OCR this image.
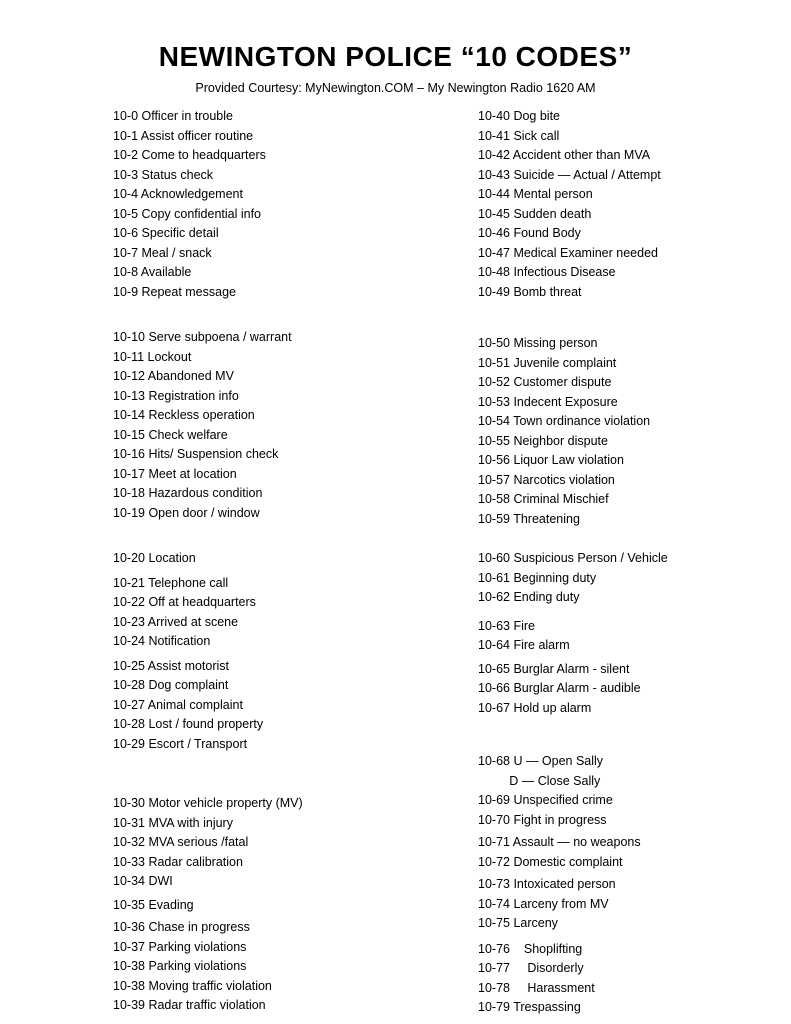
NEWINGTON POLICE “10 CODES”
Provided Courtesy: MyNewington.COM – My Newington Radio 1620 AM
10-0 Officer in trouble
10-1 Assist officer routine
10-2 Come to headquarters
10-3 Status check
10-4 Acknowledgement
10-5 Copy confidential info
10-6 Specific detail
10-7 Meal / snack
10-8 Available
10-9 Repeat message
10-10 Serve subpoena / warrant
10-11 Lockout
10-12 Abandoned MV
10-13 Registration info
10-14 Reckless operation
10-15 Check welfare
10-16 Hits/ Suspension check
10-17 Meet at location
10-18 Hazardous condition
10-19 Open door / window
10-20 Location
10-21 Telephone call
10-22 Off at headquarters
10-23 Arrived at scene
10-24 Notification
10-25 Assist motorist
10-28 Dog complaint
10-27 Animal complaint
10-28 Lost / found property
10-29 Escort / Transport
10-30 Motor vehicle property (MV)
10-31 MVA with injury
10-32 MVA serious /fatal
10-33 Radar calibration
10-34 DWI
10-35 Evading
10-36 Chase in progress
10-37 Parking violations
10-38 Parking violations
10-38 Moving traffic violation
10-39 Radar traffic violation
10-40 Dog bite
10-41 Sick call
10-42 Accident other than MVA
10-43 Suicide — Actual / Attempt
10-44 Mental person
10-45 Sudden death
10-46 Found Body
10-47 Medical Examiner needed
10-48 Infectious Disease
10-49 Bomb threat
10-50 Missing person
10-51 Juvenile complaint
10-52 Customer dispute
10-53 Indecent Exposure
10-54 Town ordinance violation
10-55 Neighbor dispute
10-56 Liquor Law violation
10-57 Narcotics violation
10-58 Criminal Mischief
10-59 Threatening
10-60 Suspicious Person / Vehicle
10-61 Beginning duty
10-62 Ending duty
10-63 Fire
10-64 Fire alarm
10-65 Burglar Alarm - silent
10-66 Burglar Alarm - audible
10-67 Hold up alarm
10-68 U — Open Sally
D — Close Sally
10-69 Unspecified crime
10-70 Fight in progress
10-71 Assault — no weapons
10-72 Domestic complaint
10-73 Intoxicated person
10-74 Larceny from MV
10-75 Larceny
10-76    Shoplifting
10-77     Disorderly
10-78     Harassment
10-79 Trespassing
